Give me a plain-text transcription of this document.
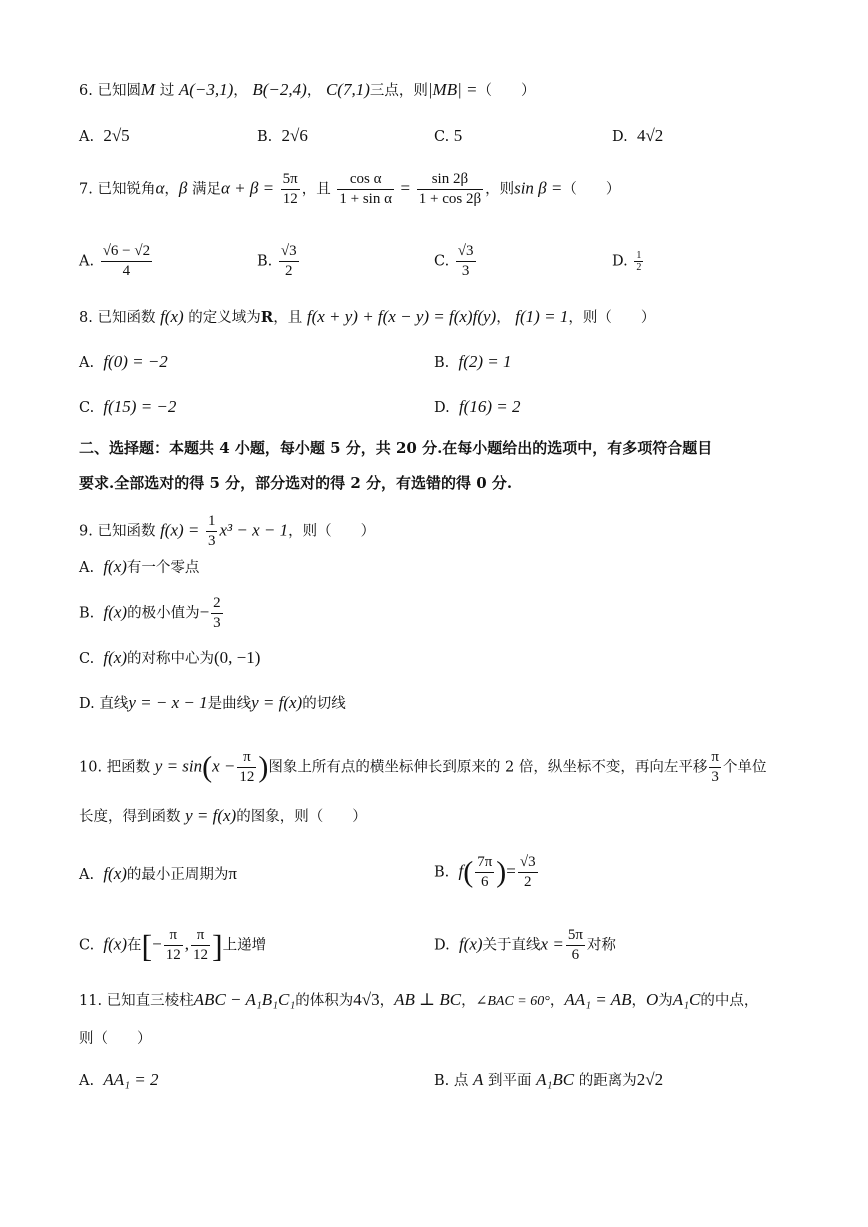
6. 已知圆M 过 A(−3,1)， B(−2,4)， C(7,1)三点，则|MB| =（　　）
A. 2√5	B. 2√6	C. 5	D. 4√2
7. 已知锐角α，β 满足$\alpha + \beta = \frac{5\pi}{12}$ ，且 $\frac{\text{cos α}}{\text{1 + sin α}} = \frac{\sin 2\beta}{1 + \cos 2\beta}$ ，则sin β =（　　）
A. $\frac{√6 - √2}{4}$	B. $\frac{√3}{2}$	C. $\frac{√3}{3}$	D. $\frac{1}{2}$
8. 已知函数 f(x) 的定义域为R，且 f(x + y) + f(x − y) = f(x)f(y)， f(1) = 1，则（　　）
A. f(0) = −2	B. f(2) = 1
C. f(15) = −2	D. f(16) = 2
二、选择题：本题共 4 小题，每小题 5 分，共 20 分.在每小题给出的选项中，有多项符合题目
要求.全部选对的得 5 分，部分选对的得 2 分，有选错的得 0 分.
9. 已知函数 $f(x) = \frac{1}{3} x^3 - x - 1$，则（　　）
A. f(x)有一个零点
B. f(x)的极小值为− $\frac{2}{3}$
C. f(x)的对称中心为(0, −1)
D. 直线y = − x − 1是曲线y = f(x)的切线
10. 把函数 $y = \sin(x - \frac{\pi}{12}$ )图象上所有点的横坐标伸长到原来的 2 倍，纵坐标不变，再向左平移 $\frac{\pi}{3}$ 个单位
长度，得到函数 y = f(x)的图象，则（　　）
A. f(x)的最小正周期为π	B. $f( \frac{7\pi}{6}$ )= $\frac{√3}{2}$
C. f(x)在[− $\frac{\pi}{12}$ , $\frac{\pi}{12}$ ]上递增	D. f(x)关于直线$x = \frac{5\pi}{6}$ 对称
11. 已知直三棱柱ABC − A₁B₁C₁的体积为4√3，AB ⊥ BC，∠BAC = 60°，AA₁ = AB，O为A₁C的中点，
则（　　）
A. AA₁ = 2	B. 点 A 到平面 A₁BC 的距离为2√2
